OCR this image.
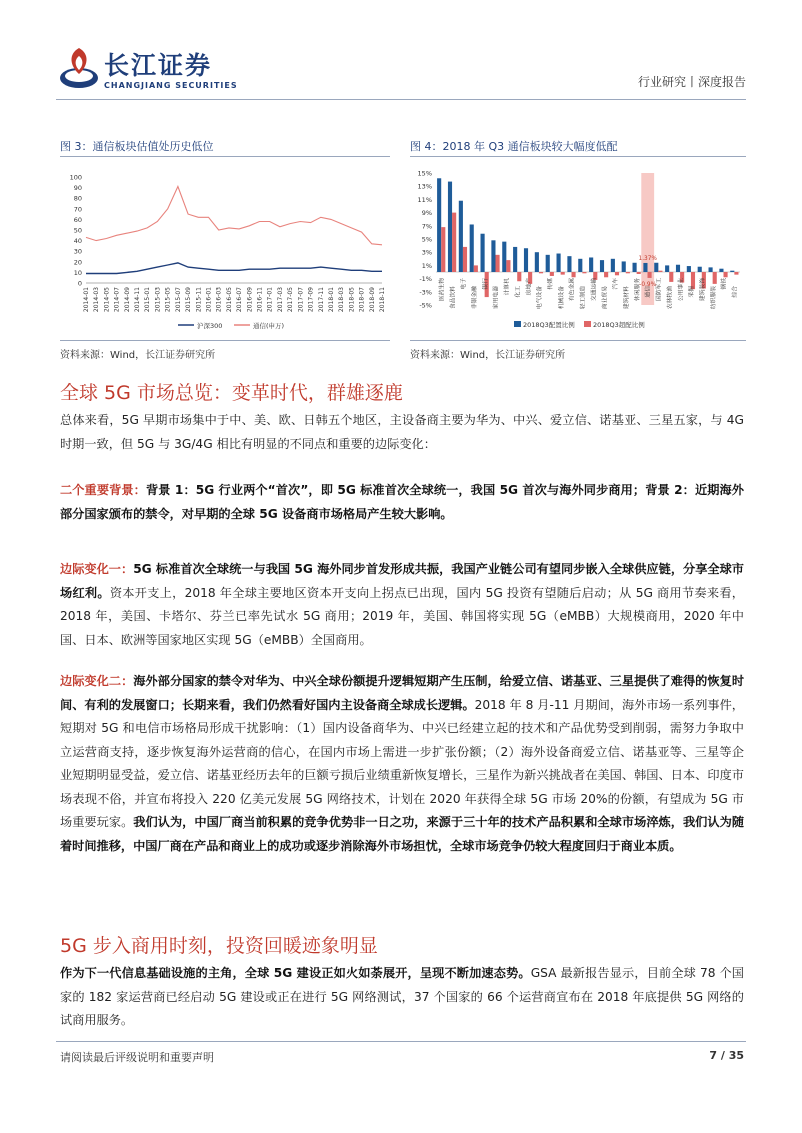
长江证券
CHANGJIANG SECURITIES	行业研究丨深度报告
图 3：通信板块估值处历史低位
0
10
20
30
40
50
60
70
80
90
100
2014-01 2014-03 2014-05 2014-07 2014-09 2014-11 2015-01 2015-03 2015-05 2015-07 2015-09 2015-11 2016-01 2016-03 2016-05 2016-07 2016-09 2016-11 2017-01 2017-03 2017-05 2017-07 2017-09 2017-11 2018-01 2018-03 2018-05 2018-07 2018-09 2018-11
沪深300	通信(申万)
资料来源：Wind，长江证券研究所
图 4：2018 年 Q3 通信板块较大幅度低配
-5%
-3%
-1%
1%
3%
5%
7%
9%
11%
13%
15%
医药生物 食品饮料
电子
非银金融
银行
家用电器 计算机 化工 房地产 电气设备
传媒
机械设备 有色金属 轻工制造 交通运输 商业贸易
汽车
建筑材料 休闲服务 通信 国防军工 农林牧渔 公用事业 采掘 建筑装饰 纺织服装
钢铁
综合
1.37%
-0.9%
2018Q3配置比例	2018Q3超配比例
资料来源：Wind，长江证券研究所
全球 5G 市场总览：变革时代，群雄逐鹿
总体来看，5G 早期市场集中于中、美、欧、日韩五个地区，主设备商主要为华为、中兴、爱立信、诺基亚、三星五家，与 4G 时期一致，但 5G 与 3G/4G 相比有明显的不同点和重要的边际变化：
二个重要背景：背景 1：5G 行业两个“首次”，即 5G 标准首次全球统一，我国 5G 首次与海外同步商用；背景 2：近期海外部分国家颁布的禁令，对早期的全球 5G 设备商市场格局产生较大影响。
边际变化一：5G 标准首次全球统一与我国 5G 海外同步首发形成共振，我国产业链公司有望同步嵌入全球供应链，分享全球市场红利。资本开支上，2018 年全球主要地区资本开支向上拐点已出现，国内 5G 投资有望随后启动；从 5G 商用节奏来看，2018 年，美国、卡塔尔、芬兰已率先试水 5G 商用；2019 年，美国、韩国将实现 5G（eMBB）大规模商用，2020 年中国、日本、欧洲等国家地区实现 5G（eMBB）全国商用。
边际变化二：海外部分国家的禁令对华为、中兴全球份额提升逻辑短期产生压制，给爱立信、诺基亚、三星提供了难得的恢复时间、有利的发展窗口；长期来看，我们仍然看好国内主设备商全球成长逻辑。2018 年 8 月-11 月期间，海外市场一系列事件，短期对 5G 和电信市场格局形成干扰影响：（1）国内设备商华为、中兴已经建立起的技术和产品优势受到削弱，需努力争取中立运营商支持，逐步恢复海外运营商的信心，在国内市场上需进一步扩张份额；（2）海外设备商爱立信、诺基亚等、三星等企业短期明显受益，爱立信、诺基亚经历去年的巨额亏损后业绩重新恢复增长，三星作为新兴挑战者在美国、韩国、日本、印度市场表现不俗，并宣布将投入 220 亿美元发展 5G 网络技术，计划在 2020 年获得全球 5G 市场 20%的份额，有望成为 5G 市场重要玩家。我们认为，中国厂商当前积累的竞争优势非一日之功，来源于三十年的技术产品积累和全球市场淬炼，我们认为随着时间推移，中国厂商在产品和商业上的成功或逐步消除海外市场担忧，全球市场竞争仍较大程度回归于商业本质。
5G 步入商用时刻，投资回暖迹象明显
作为下一代信息基础设施的主角，全球 5G 建设正如火如荼展开，呈现不断加速态势。GSA 最新报告显示，目前全球 78 个国家的 182 家运营商已经启动 5G 建设或正在进行 5G 网络测试，37 个国家的 66 个运营商宣布在 2018 年底提供 5G 网络的试商用服务。
请阅读最后评级说明和重要声明	7 / 35
